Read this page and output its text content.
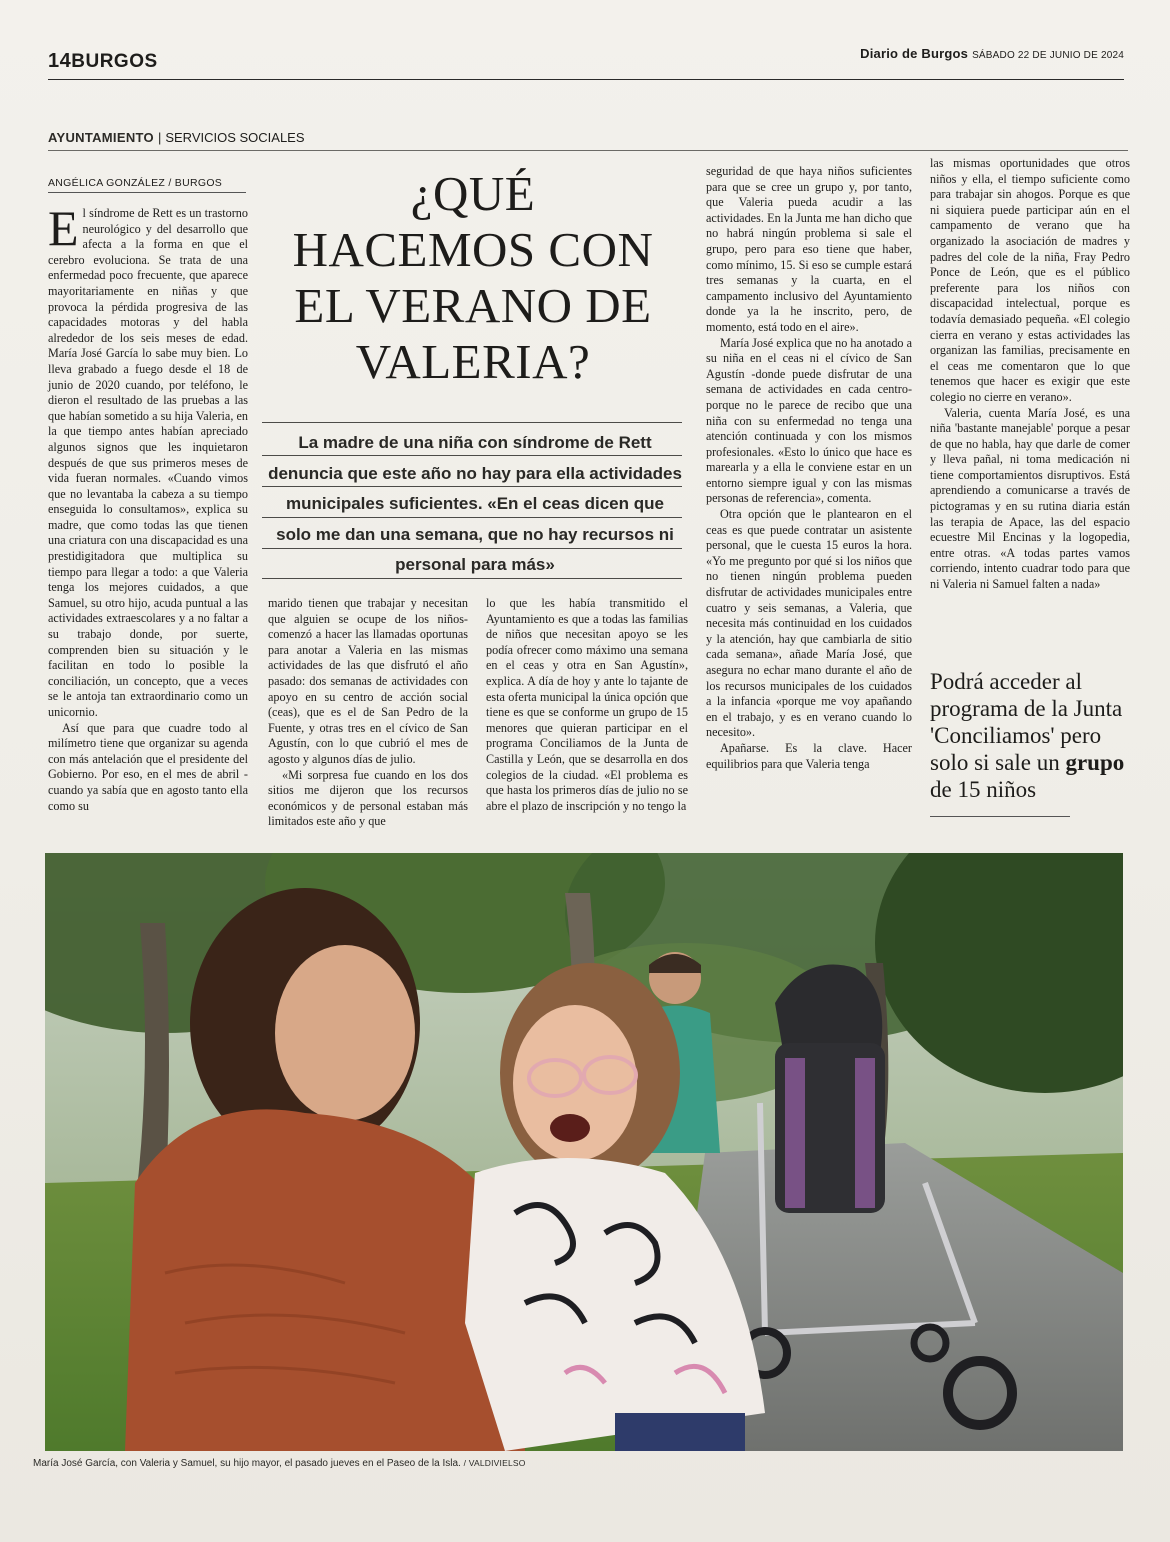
14BURGOS	Diario de Burgos SÁBADO 22 DE JUNIO DE 2024
AYUNTAMIENTO | SERVICIOS SOCIALES
ANGÉLICA GONZÁLEZ / BURGOS

El síndrome de Rett es un trastorno neurológico y del desarrollo que afecta a la forma en que el cerebro evoluciona. Se trata de una enfermedad poco frecuente, que aparece mayoritariamente en niñas y que provoca la pérdida progresiva de las capacidades motoras y del habla alrededor de los seis meses de edad. María José García lo sabe muy bien. Lo lleva grabado a fuego desde el 18 de junio de 2020 cuando, por teléfono, le dieron el resultado de las pruebas a las que habían sometido a su hija Valeria, en la que tiempo antes habían apreciado algunos signos que les inquietaron después de que sus primeros meses de vida fueran normales. «Cuando vimos que no levantaba la cabeza a su tiempo enseguida lo consultamos», explica su madre, que como todas las que tienen una criatura con una discapacidad es una prestidigitadora que multiplica su tiempo para llegar a todo: a que Valeria tenga los mejores cuidados, a que Samuel, su otro hijo, acuda puntual a las actividades extraescolares y a no faltar a su trabajo donde, por suerte, comprenden bien su situación y le facilitan en todo lo posible la conciliación, un concepto, que a veces se le antoja tan extraordinario como un unicornio.

Así que para que cuadre todo al milímetro tiene que organizar su agenda con más antelación que el presidente del Gobierno. Por eso, en el mes de abril -cuando ya sabía que en agosto tanto ella como su

¿QUÉ
HACEMOS CON
EL VERANO DE
VALERIA?
La madre de una niña con síndrome de Rett denuncia que este año no hay para ella actividades municipales suficientes. «En el ceas dicen que solo me dan una semana, que no hay recursos ni personal para más»

marido tienen que trabajar y necesitan que alguien se ocupe de los niños- comenzó a hacer las llamadas oportunas para anotar a Valeria en las mismas actividades de las que disfrutó el año pasado: dos semanas de actividades con apoyo en su centro de acción social (ceas), que es el de San Pedro de la Fuente, y otras tres en el cívico de San Agustín, con lo que cubrió el mes de agosto y algunos días de julio.

«Mi sorpresa fue cuando en los dos sitios me dijeron que los recursos económicos y de personal estaban más limitados este año y que

lo que les había transmitido el Ayuntamiento es que a todas las familias de niños que necesitan apoyo se les podía ofrecer como máximo una semana en el ceas y otra en San Agustín», explica. A día de hoy y ante lo tajante de esta oferta municipal la única opción que tiene es que se conforme un grupo de 15 menores que quieran participar en el programa Conciliamos de la Junta de Castilla y León, que se desarrolla en dos colegios de la ciudad. «El problema es que hasta los primeros días de julio no se abre el plazo de inscripción y no tengo la

seguridad de que haya niños suficientes para que se cree un grupo y, por tanto, que Valeria pueda acudir a las actividades. En la Junta me han dicho que no habrá ningún problema si sale el grupo, pero para eso tiene que haber, como mínimo, 15. Si eso se cumple estará tres semanas y la cuarta, en el campamento inclusivo del Ayuntamiento donde ya la he inscrito, pero, de momento, está todo en el aire».

María José explica que no ha anotado a su niña en el ceas ni el cívico de San Agustín -donde puede disfrutar de una semana de actividades en cada centro- porque no le parece de recibo que una niña con su enfermedad no tenga una atención continuada y con los mismos profesionales. «Esto lo único que hace es marearla y a ella le conviene estar en un entorno siempre igual y con las mismas personas de referencia», comenta.

Otra opción que le plantearon en el ceas es que puede contratar un asistente personal, que le cuesta 15 euros la hora. «Yo me pregunto por qué si los niños que no tienen ningún problema pueden disfrutar de actividades municipales entre cuatro y seis semanas, a Valeria, que necesita más continuidad en los cuidados y la atención, hay que cambiarla de sitio cada semana», añade María José, que asegura no echar mano durante el año de los recursos municipales de los cuidados a la infancia «porque me voy apañando en el trabajo, y es en verano cuando lo necesito».

Apañarse. Es la clave. Hacer equilibrios para que Valeria tenga

las mismas oportunidades que otros niños y ella, el tiempo suficiente como para trabajar sin ahogos. Porque es que ni siquiera puede participar aún en el campamento de verano que ha organizado la asociación de madres y padres del cole de la niña, Fray Pedro Ponce de León, que es el público preferente para los niños con discapacidad intelectual, porque es todavía demasiado pequeña. «El colegio cierra en verano y estas actividades las organizan las familias, precisamente en el ceas me comentaron que lo que tenemos que hacer es exigir que este colegio no cierre en verano».

Valeria, cuenta María José, es una niña 'bastante manejable' porque a pesar de que no habla, hay que darle de comer y lleva pañal, ni toma medicación ni tiene comportamientos disruptivos. Está aprendiendo a comunicarse a través de pictogramas y en su rutina diaria están las terapia de Apace, las del espacio ecuestre Mil Encinas y la logopedia, entre otras. «A todas partes vamos corriendo, intento cuadrar todo para que ni Valeria ni Samuel falten a nada»

Podrá acceder al programa de la Junta 'Conciliamos' pero solo si sale un grupo de 15 niños
María José García, con Valeria y Samuel, su hijo mayor, el pasado jueves en el Paseo de la Isla. / VALDIVIELSO
